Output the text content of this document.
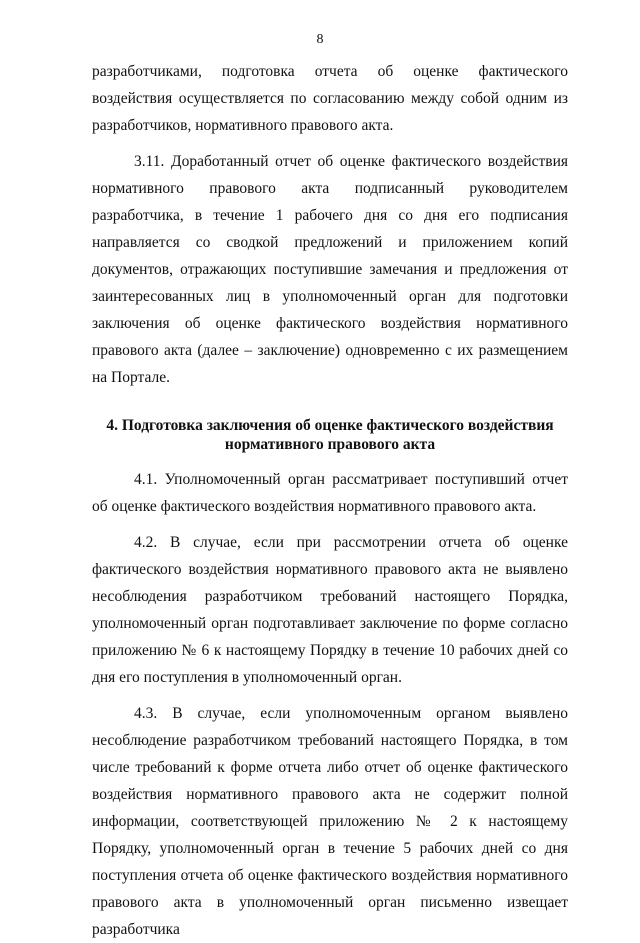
8

разработчиками, подготовка отчета об оценке фактического воздействия осуществляется по согласованию между собой одним из разработчиков, нормативного правового акта.

3.11. Доработанный отчет об оценке фактического воздействия нормативного правового акта подписанный руководителем разработчика, в течение 1 рабочего дня со дня его подписания направляется со сводкой предложений и приложением копий документов, отражающих поступившие замечания и предложения от заинтересованных лиц в уполномоченный орган для подготовки заключения об оценке фактического воздействия нормативного правового акта (далее – заключение) одновременно с их размещением на Портале.

4. Подготовка заключения об оценке фактического воздействия нормативного правового акта

4.1. Уполномоченный орган рассматривает поступивший отчет об оценке фактического воздействия нормативного правового акта.

4.2. В случае, если при рассмотрении отчета об оценке фактического воздействия нормативного правового акта не выявлено несоблюдения разработчиком требований настоящего Порядка, уполномоченный орган подготавливает заключение по форме согласно приложению № 6 к настоящему Порядку в течение 10 рабочих дней со дня его поступления в уполномоченный орган.

4.3. В случае, если уполномоченным органом выявлено несоблюдение разработчиком требований настоящего Порядка, в том числе требований к форме отчета либо отчет об оценке фактического воздействия нормативного правового акта не содержит полной информации, соответствующей приложению № 2 к настоящему Порядку, уполномоченный орган в течение 5 рабочих дней со дня поступления отчета об оценке фактического воздействия нормативного правового акта в уполномоченный орган письменно извещает разработчика
